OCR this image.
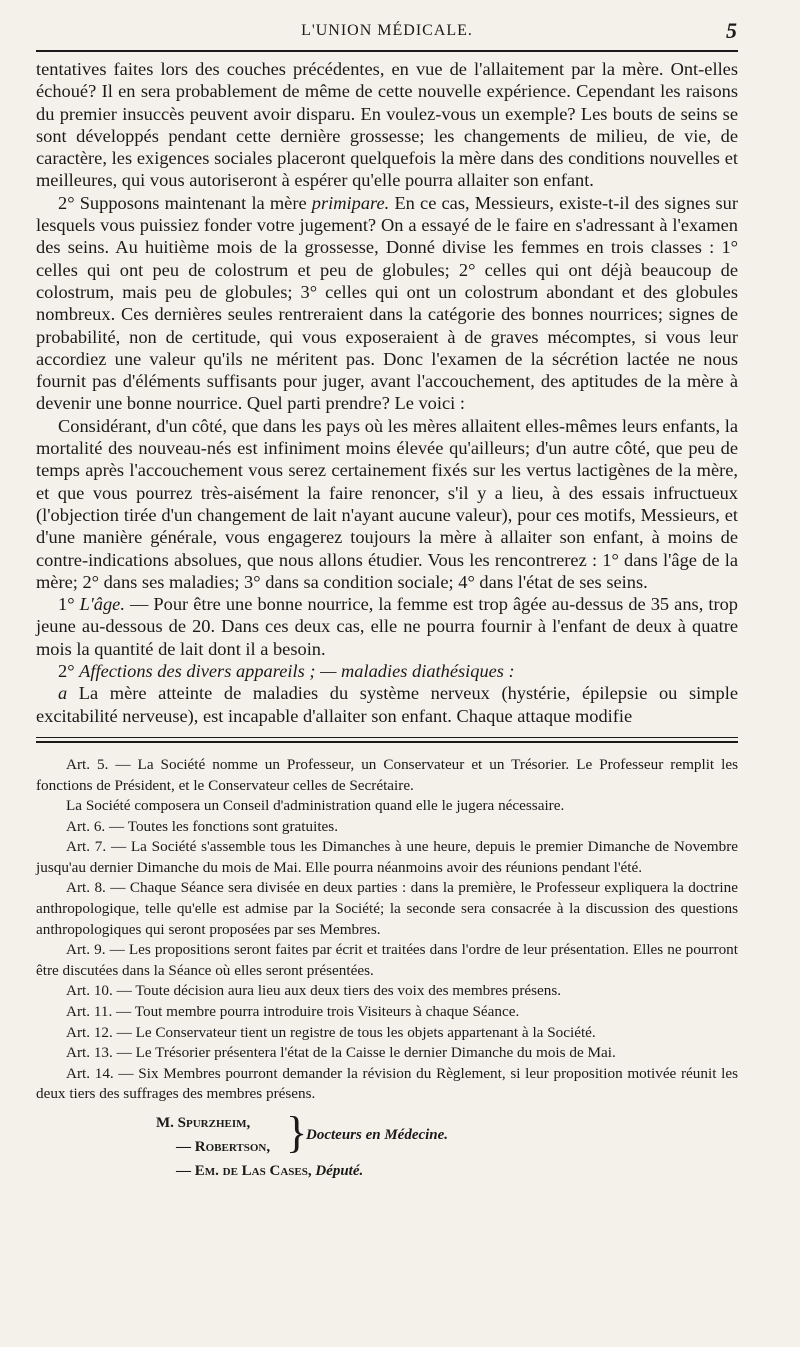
L'UNION MÉDICALE.	5

tentatives faites lors des couches précédentes, en vue de l'allaitement par la mère. Ont-elles échoué? Il en sera probablement de même de cette nouvelle expérience. Cependant les raisons du premier insuccès peuvent avoir disparu. En voulez-vous un exemple? Les bouts de seins se sont développés pendant cette dernière grossesse; les changements de milieu, de vie, de caractère, les exigences sociales placeront quelquefois la mère dans des conditions nouvelles et meilleures, qui vous autoriseront à espérer qu'elle pourra allaiter son enfant.

2° Supposons maintenant la mère primipare. En ce cas, Messieurs, existe-t-il des signes sur lesquels vous puissiez fonder votre jugement? On a essayé de le faire en s'adressant à l'examen des seins. Au huitième mois de la grossesse, Donné divise les femmes en trois classes : 1° celles qui ont peu de colostrum et peu de globules; 2° celles qui ont déjà beaucoup de colostrum, mais peu de globules; 3° celles qui ont un colostrum abondant et des globules nombreux. Ces dernières seules rentreraient dans la catégorie des bonnes nourrices; signes de probabilité, non de certitude, qui vous exposeraient à de graves mécomptes, si vous leur accordiez une valeur qu'ils ne méritent pas. Donc l'examen de la sécrétion lactée ne nous fournit pas d'éléments suffisants pour juger, avant l'accouchement, des aptitudes de la mère à devenir une bonne nourrice. Quel parti prendre? Le voici :

Considérant, d'un côté, que dans les pays où les mères allaitent elles-mêmes leurs enfants, la mortalité des nouveau-nés est infiniment moins élevée qu'ailleurs; d'un autre côté, que peu de temps après l'accouchement vous serez certainement fixés sur les vertus lactigènes de la mère, et que vous pourrez très-aisément la faire renoncer, s'il y a lieu, à des essais infructueux (l'objection tirée d'un changement de lait n'ayant aucune valeur), pour ces motifs, Messieurs, et d'une manière générale, vous engagerez toujours la mère à allaiter son enfant, à moins de contre-indications absolues, que nous allons étudier. Vous les rencontrerez : 1° dans l'âge de la mère; 2° dans ses maladies; 3° dans sa condition sociale; 4° dans l'état de ses seins.

1° L'âge. — Pour être une bonne nourrice, la femme est trop âgée au-dessus de 35 ans, trop jeune au-dessous de 20. Dans ces deux cas, elle ne pourra fournir à l'enfant de deux à quatre mois la quantité de lait dont il a besoin.

2° Affections des divers appareils ; — maladies diathésiques :

a La mère atteinte de maladies du système nerveux (hystérie, épilepsie ou simple excitabilité nerveuse), est incapable d'allaiter son enfant. Chaque attaque modifie

Art. 5. — La Société nomme un Professeur, un Conservateur et un Trésorier. Le Professeur remplit les fonctions de Président, et le Conservateur celles de Secrétaire.

La Société composera un Conseil d'administration quand elle le jugera nécessaire.

Art. 6. — Toutes les fonctions sont gratuites.

Art. 7. — La Société s'assemble tous les Dimanches à une heure, depuis le premier Dimanche de Novembre jusqu'au dernier Dimanche du mois de Mai. Elle pourra néanmoins avoir des réunions pendant l'été.

Art. 8. — Chaque Séance sera divisée en deux parties : dans la première, le Professeur expliquera la doctrine anthropologique, telle qu'elle est admise par la Société; la seconde sera consacrée à la discussion des questions anthropologiques qui seront proposées par ses Membres.

Art. 9. — Les propositions seront faites par écrit et traitées dans l'ordre de leur présentation. Elles ne pourront être discutées dans la Séance où elles seront présentées.

Art. 10. — Toute décision aura lieu aux deux tiers des voix des membres présens.

Art. 11. — Tout membre pourra introduire trois Visiteurs à chaque Séance.

Art. 12. — Le Conservateur tient un registre de tous les objets appartenant à la Société.

Art. 13. — Le Trésorier présentera l'état de la Caisse le dernier Dimanche du mois de Mai.

Art. 14. — Six Membres pourront demander la révision du Règlement, si leur proposition motivée réunit les deux tiers des suffrages des membres présens.

M. Spurzheim,
— Robertson, }
Docteurs en Médecine.
— Em. de Las Cases, Député.
